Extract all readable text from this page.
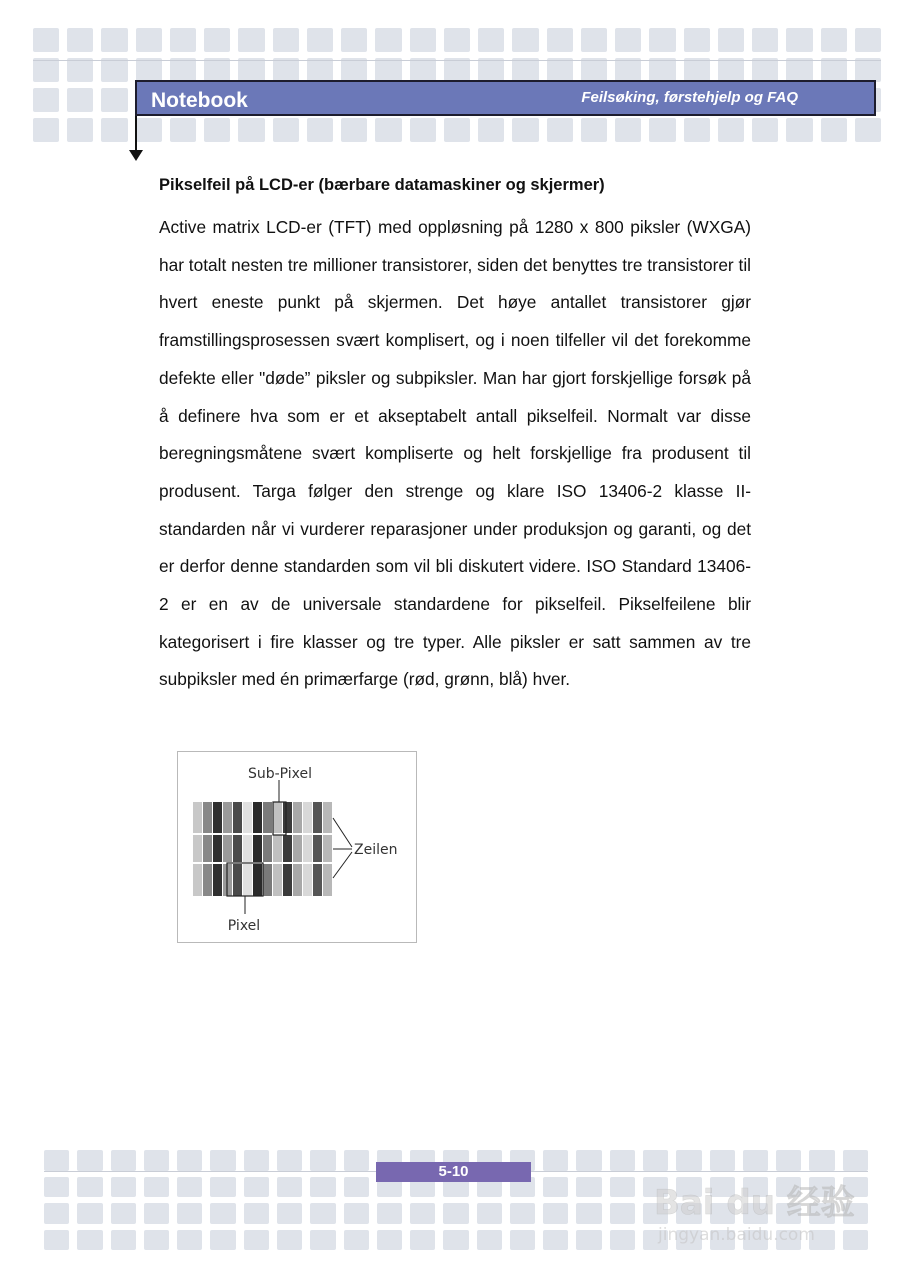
Notebook	Feilsøking, førstehjelp og FAQ
Pikselfeil på LCD-er (bærbare datamaskiner og skjermer)

Active matrix LCD-er (TFT) med oppløsning på 1280 x 800 piksler (WXGA) har totalt nesten tre millioner transistorer, siden det benyttes tre transistorer til hvert eneste punkt på skjermen. Det høye antallet transistorer gjør framstillingsprosessen svært komplisert, og i noen tilfeller vil det forekomme defekte eller "døde” piksler og subpiksler. Man har gjort forskjellige forsøk på å definere hva som er et akseptabelt antall pikselfeil. Normalt var disse beregningsmåtene svært kompliserte og helt forskjellige fra produsent til produsent. Targa følger den strenge og klare ISO 13406-2 klasse II-standarden når vi vurderer reparasjoner under produksjon og garanti, og det er derfor denne standarden som vil bli diskutert videre. ISO Standard 13406-2 er en av de universale standardene for pikselfeil. Pikselfeilene blir kategorisert i fire klasser og tre typer. Alle piksler er satt sammen av tre subpiksler med én primærfarge (rød, grønn, blå) hver.

Sub-Pixel
Zeilen
Pixel
5-10
Bai du 经验
jingyan.baidu.com
